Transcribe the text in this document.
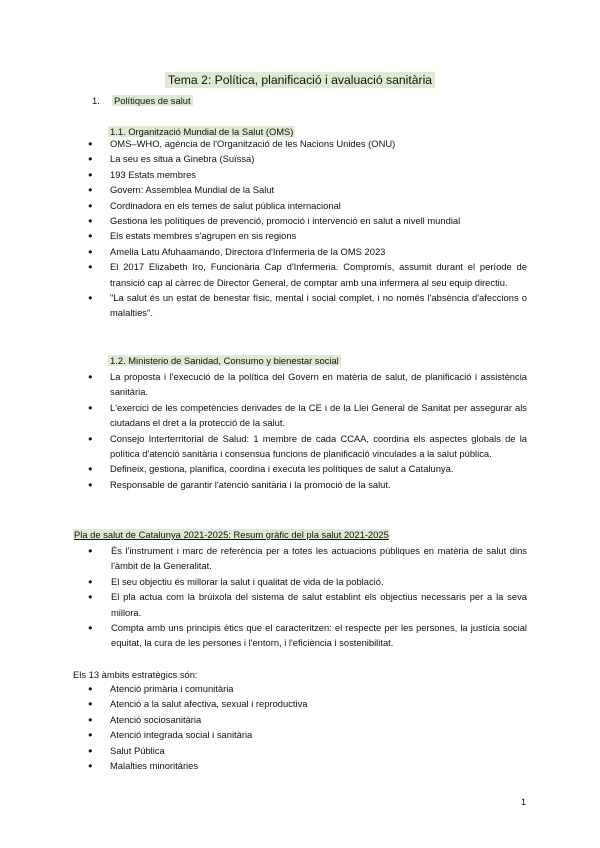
Tema 2: Política, planificació i avaluació sanitària
1. Polítiques de salut
1.1. Organització Mundial de la Salut (OMS)
● OMS–WHO, agència de l'Organització de les Nacions Unides (ONU)
● La seu es situa a Ginebra (Suïssa)
● 193 Estats membres
● Govern: Assemblea Mundial de la Salut
● Cordinadora en els temes de salut pública internacional
● Gestiona les polítiques de prevenció, promoció i intervenció en salut a nivell mundial
● Els estats membres s'agrupen en sis regions
● Amelia Latu Afuhaamando, Directora d'Infermeria de la OMS 2023
● El 2017 Elizabeth Iro, Funcionària Cap d'Infermeria. Compromís, assumit durant el període de transició cap al càrrec de Director General, de comptar amb una infermera al seu equip directiu.
● "La salut és un estat de benestar físic, mental i social complet, i no només l'absència d'afeccions o malalties".
1.2. Ministerio de Sanidad, Consumo y bienestar social
● La proposta i l'execució de la política del Govern en matèria de salut, de planificació i assistència sanitària.
● L'exercici de les competències derivades de la CE i de la Llei General de Sanitat per assegurar als ciutadans el dret a la protecció de la salut.
● Consejo Interterritorial de Salud: 1 membre de cada CCAA, coordina els aspectes globals de la política d'atenció sanitària i consensua funcions de planificació vinculades a la salut pública.
● Defineix, gestiona, planifica, coordina i executa les polítiques de salut a Catalunya.
● Responsable de garantir l'atenció sanitària i la promoció de la salut.
Pla de salut de Catalunya 2021-2025: Resum gràfic del pla salut 2021-2025
● És l'instrument i marc de referència per a totes les actuacions públiques en matèria de salut dins l'àmbit de la Generalitat.
● El seu objectiu és millorar la salut i qualitat de vida de la població.
● El pla actua com la brúixola del sistema de salut establint els objectius necessaris per a la seva millora.
● Compta amb uns principis ètics que el caracteritzen: el respecte per les persones, la justícia social equitat, la cura de les persones i l'entorn, i l'eficiència i sostenibilitat.
Els 13 àmbits estratègics són:
● Atenció primària i comunitària
● Atenció a la salut afectiva, sexual i reproductiva
● Atenció sociosanitària
● Atenció integrada social i sanitària
● Salut Pública
● Malalties minoritàries
1
